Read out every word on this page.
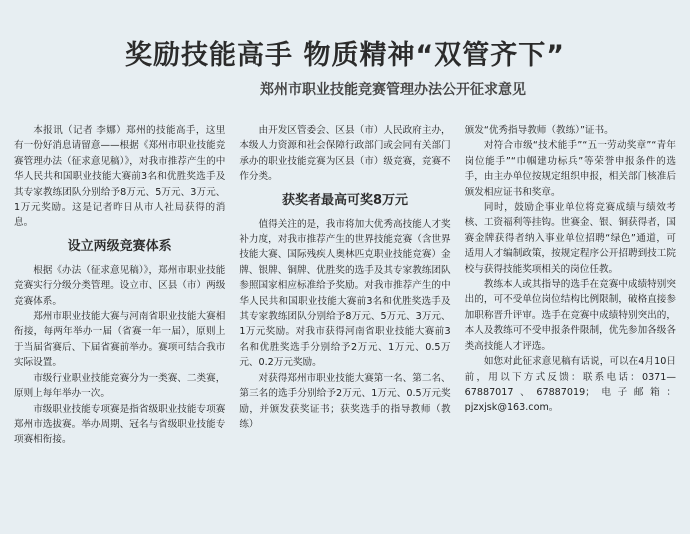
奖励技能高手 物质精神“双管齐下”
郑州市职业技能竞赛管理办法公开征求意见

本报讯（记者 李娜）郑州的技能高手，这里有一份好消息请留意——根据《郑州市职业技能竞赛管理办法（征求意见稿）》，对我市推荐产生的中华人民共和国职业技能大赛前3名和优胜奖选手及其专家教练团队分别给予8万元、5万元、3万元、1万元奖励。这是记者昨日从市人社局获得的消息。

设立两级竞赛体系

根据《办法（征求意见稿）》，郑州市职业技能竞赛实行分级分类管理。设立市、区县（市）两级竞赛体系。

郑州市职业技能大赛与河南省职业技能大赛相衔接，每两年举办一届（省赛一年一届），原则上于当届省赛后、下届省赛前举办。赛项可结合我市实际设置。

市级行业职业技能竞赛分为一类赛、二类赛，原则上每年举办一次。

市级职业技能专项赛是指省级职业技能专项赛郑州市选拔赛。举办周期、冠名与省级职业技能专项赛相衔接。

由开发区管委会、区县（市）人民政府主办，本级人力资源和社会保障行政部门或会同有关部门承办的职业技能竞赛为区县（市）级竞赛，竞赛不作分类。

获奖者最高可奖8万元

值得关注的是，我市将加大优秀高技能人才奖补力度，对我市推荐产生的世界技能竞赛（含世界技能大赛、国际残疾人奥林匹克职业技能竞赛）金牌、银牌、铜牌、优胜奖的选手及其专家教练团队参照国家相应标准给予奖励。对我市推荐产生的中华人民共和国职业技能大赛前3名和优胜奖选手及其专家教练团队分别给予8万元、5万元、3万元、1万元奖励。对我市获得河南省职业技能大赛前3名和优胜奖选手分别给予2万元、1万元、0.5万元、0.2万元奖励。

对获得郑州市职业技能大赛第一名、第二名、第三名的选手分别给予2万元、1万元、0.5万元奖励，并颁发获奖证书；获奖选手的指导教师（教练）

颁发“优秀指导教师（教练）”证书。

对符合市级“技术能手”“五一劳动奖章”“青年岗位能手”“巾帼建功标兵”等荣誉申报条件的选手，由主办单位按规定组织申报，相关部门核准后颁发相应证书和奖章。

同时，鼓励企事业单位将竞赛成绩与绩效考核、工资福利等挂钩。世赛金、银、铜获得者，国赛金牌获得者纳入事业单位招聘“绿色”通道，可适用人才编制政策，按规定程序公开招聘到技工院校与获得技能奖项相关的岗位任教。

教练本人或其指导的选手在竞赛中成绩特别突出的，可不受单位岗位结构比例限制，破格直接参加职称晋升评审。选手在竞赛中成绩特别突出的，本人及教练可不受申报条件限制，优先参加各级各类高技能人才评选。

如您对此征求意见稿有话说，可以在4月10日前，用以下方式反馈：联系电话：0371—67887017、67887019；电子邮箱：pjzxjsk@163.com。
